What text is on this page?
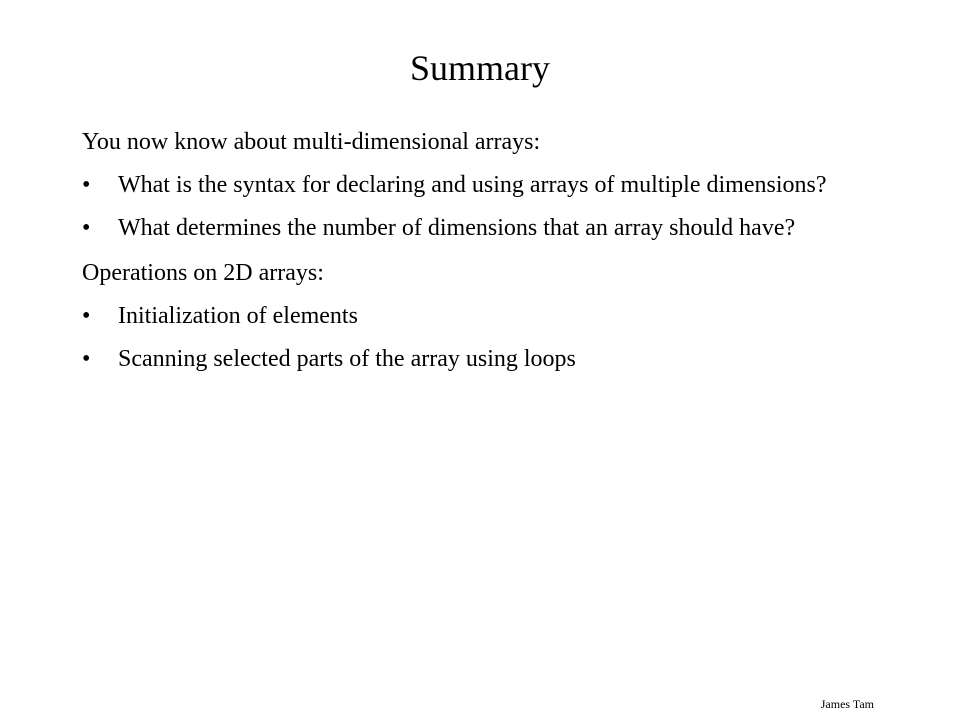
Summary
You now know about multi-dimensional arrays:
•	What is the syntax for declaring and using arrays of multiple dimensions?
•	What determines the number of dimensions that an array should have?
Operations on 2D arrays:
•	Initialization of elements
•	Scanning selected parts of the array using loops
James Tam
